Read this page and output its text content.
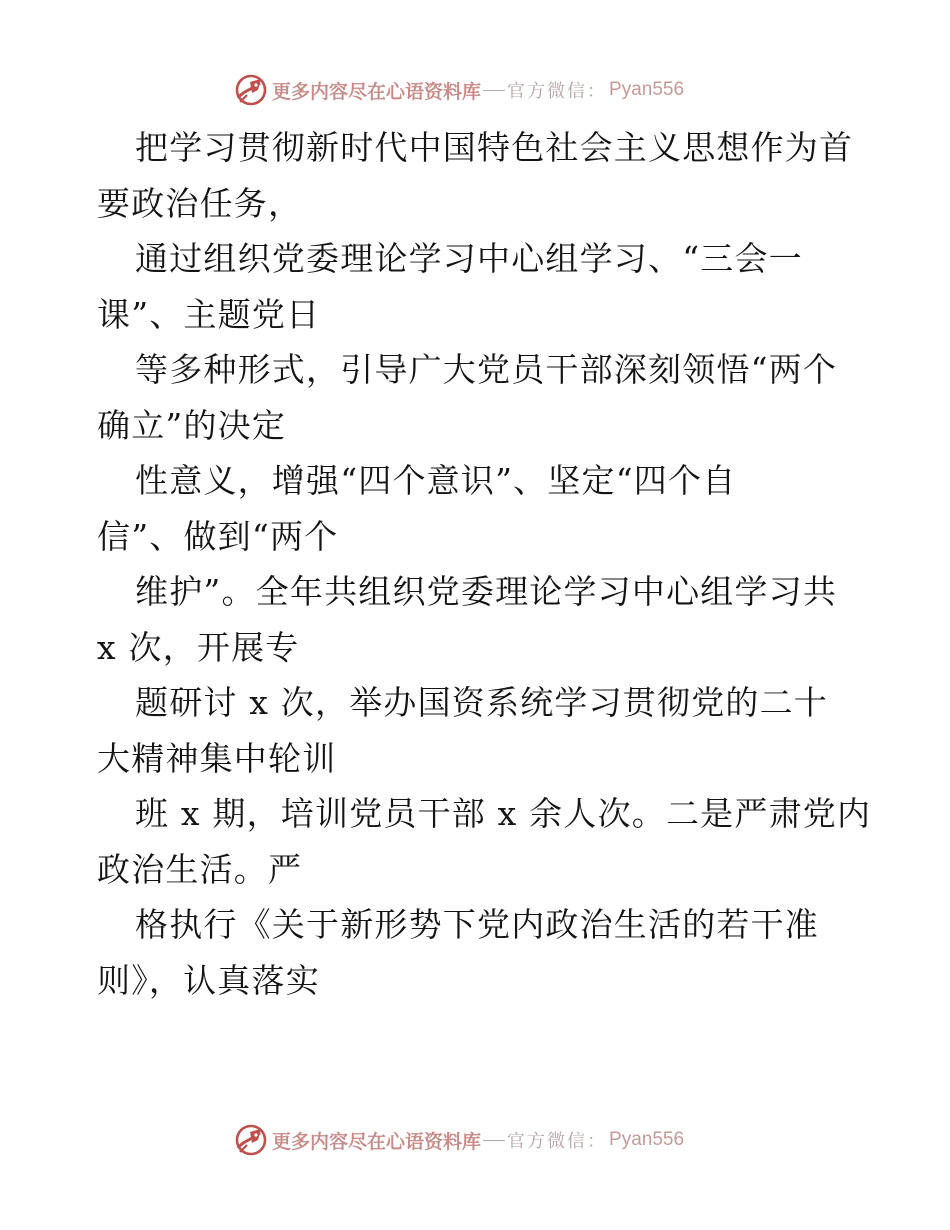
更多内容尽在心语资料库 官方微信： Pyan556

把学习贯彻新时代中国特色社会主义思想作为首

要政治任务，

通过组织党委理论学习中心组学习、“三会一

课”、主题党日

等多种形式，引导广大党员干部深刻领悟“两个

确立”的决定

性意义，增强“四个意识”、坚定“四个自

信”、做到“两个

维护”。全年共组织党委理论学习中心组学习共

x 次，开展专

题研讨 x 次，举办国资系统学习贯彻党的二十

大精神集中轮训

班 x 期，培训党员干部 x 余人次。二是严肃党内

政治生活。严

格执行《关于新形势下党内政治生活的若干准

则》，认真落实

更多内容尽在心语资料库 官方微信： Pyan556
